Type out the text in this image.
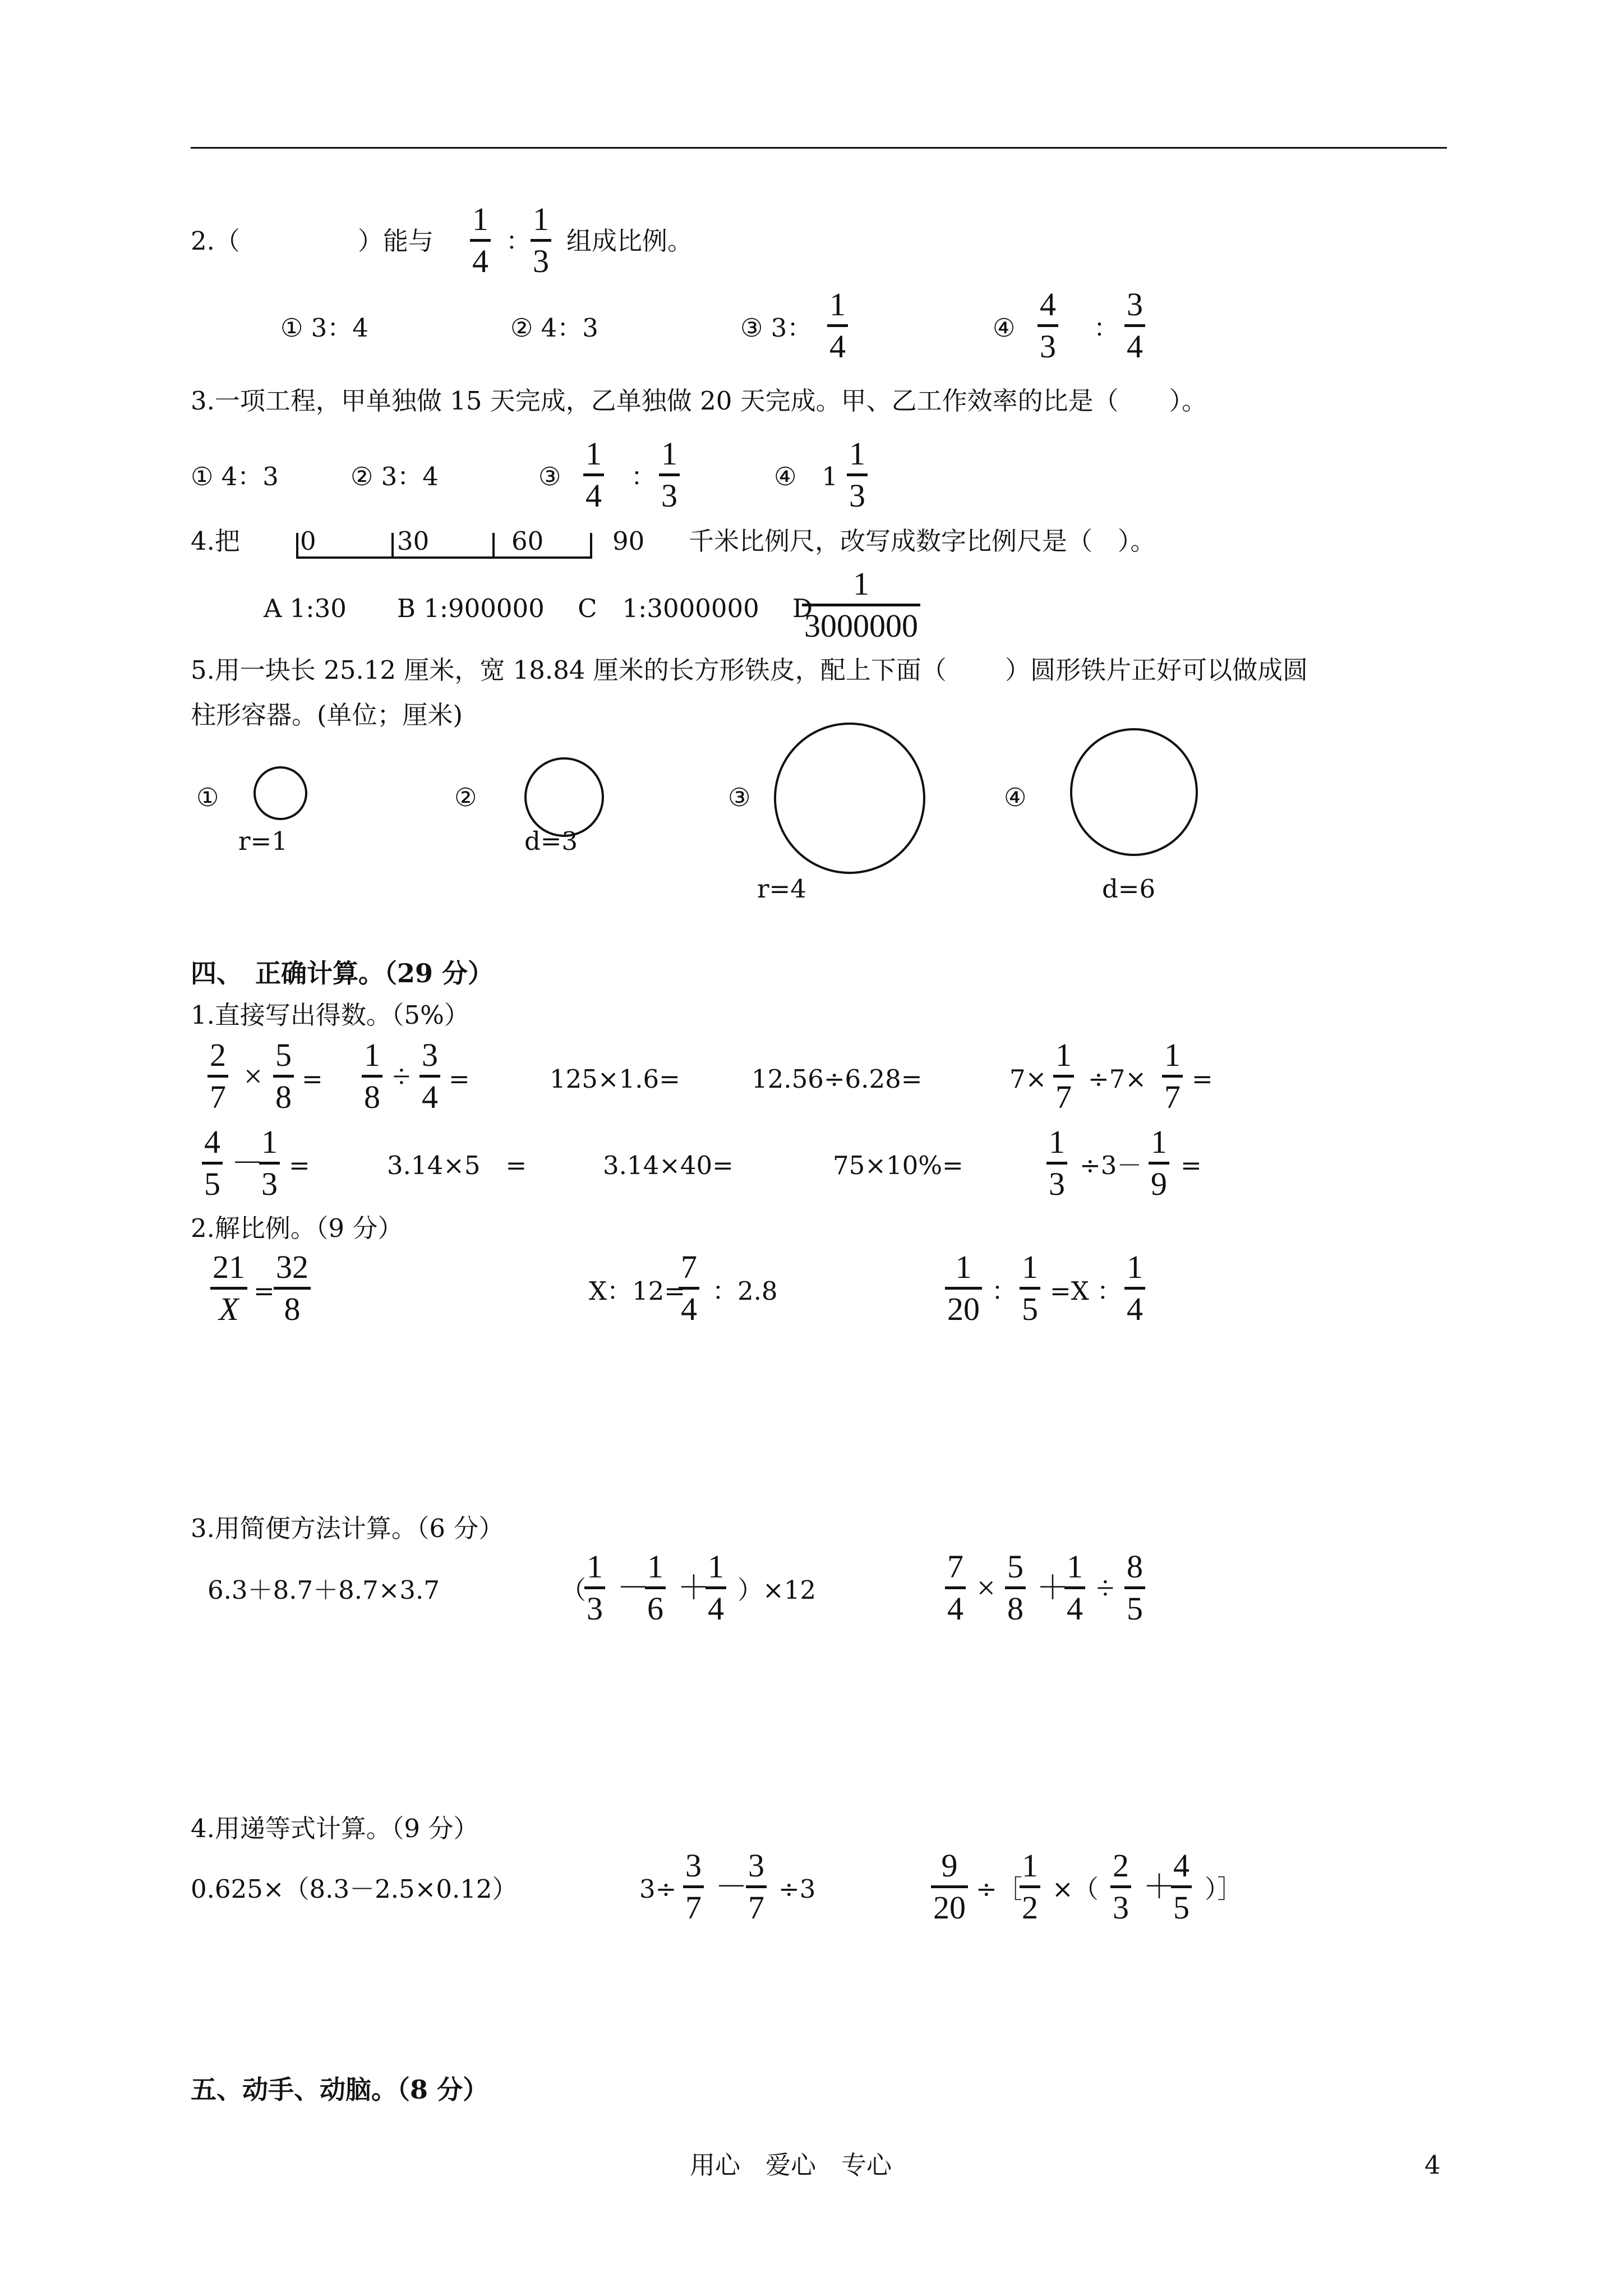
2.（	）能与
1
4
：
1
3
组成比例。
① 3：4	② 4：3	③ 3：
1
4
④
4
3
：
3
4
3.一项工程，甲单独做 15 天完成，乙单独做 20 天完成。甲、乙工作效率的比是（　　）。
① 4：3	② 3：4	③
1
4
：
1
3
④　1
1
3
4.把 0	30	60	90 千米比例尺，改写成数字比例尺是（　）。
A 1:30　　B 1:900000　 C　1:3000000　 D
1
3000000
5.用一块长 25.12 厘米，宽 18.84 厘米的长方形铁皮，配上下面（　　 ）圆形铁片正好可以做成圆
柱形容器。(单位；厘米)
①
r=1
②
d=3
③
r=4
④
d=6
四、　正确计算。（29 分）
1.直接写出得数。（5%）
2
7
×
5
8 =
1
8
÷
3
4 =	125×1.6=	12.56÷6.28=	7×
1
7 ÷7×
1
7 =
4
5
－
1
3
=	3.14×5　=	3.14×40=	75×10%=
1
3
÷3－
1
9
=
2.解比例。（9 分）
21
X =
32
8	X：12=
7
4 ：2.8
1
20 ：
1
5 =X ：
1
4
3.用简便方法计算。（6 分）
6.3＋8.7＋8.7×3.7	（
1
3
－
1
6
＋
1
4
）×12
7
4
×
5
8
＋
1
4
÷
8
5
4.用递等式计算。（9 分）
0.625×（8.3－2.5×0.12）	3÷
3
7
－
3
7
÷3
9
20
÷［
1
2
×（
2
3
＋
4
5
）］
五、动手、动脑。（8 分）
用心　爱心　专心	4
